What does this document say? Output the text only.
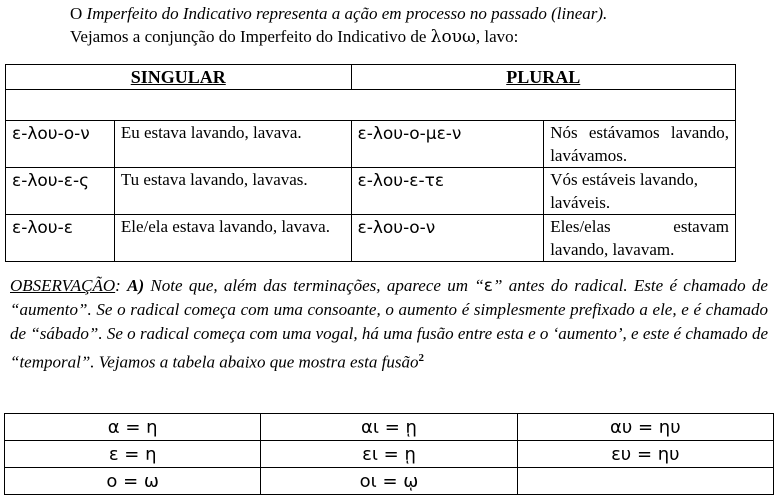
O Imperfeito do Indicativo representa a ação em processo no passado (linear).
Vejamos a conjunção do Imperfeito do Indicativo de λουω, lavo:
SINGULAR		PLURAL	

ε-λου-ο-ν	Eu estava lavando, lavava.	ε-λου-ο-με-ν	Nós estávamos lavando, lavávamos.
ε-λου-ε-ς	Tu estava lavando, lavavas.	ε-λου-ε-τε	Vós estáveis lavando, laváveis.
ε-λου-ε	Ele/ela estava lavando, lavava.	ε-λου-ο-ν	Eles/elas estavam lavando, lavavam.
OBSERVAÇÃO: A) Note que, além das terminações, aparece um “ε” antes do radical. Este é chamado de “aumento”. Se o radical começa com uma consoante, o aumento é simplesmente prefixado a ele, e é chamado de “sábado”. Se o radical começa com uma vogal, há uma fusão entre esta e o ‘aumento’, e este é chamado de “temporal”. Vejamos a tabela abaixo que mostra esta fusão$^2$
α = η	αι = ῃ	αυ = ηυ
ε = η	ει = ῃ	ευ = ηυ
ο = ω	οι = ῳ	
